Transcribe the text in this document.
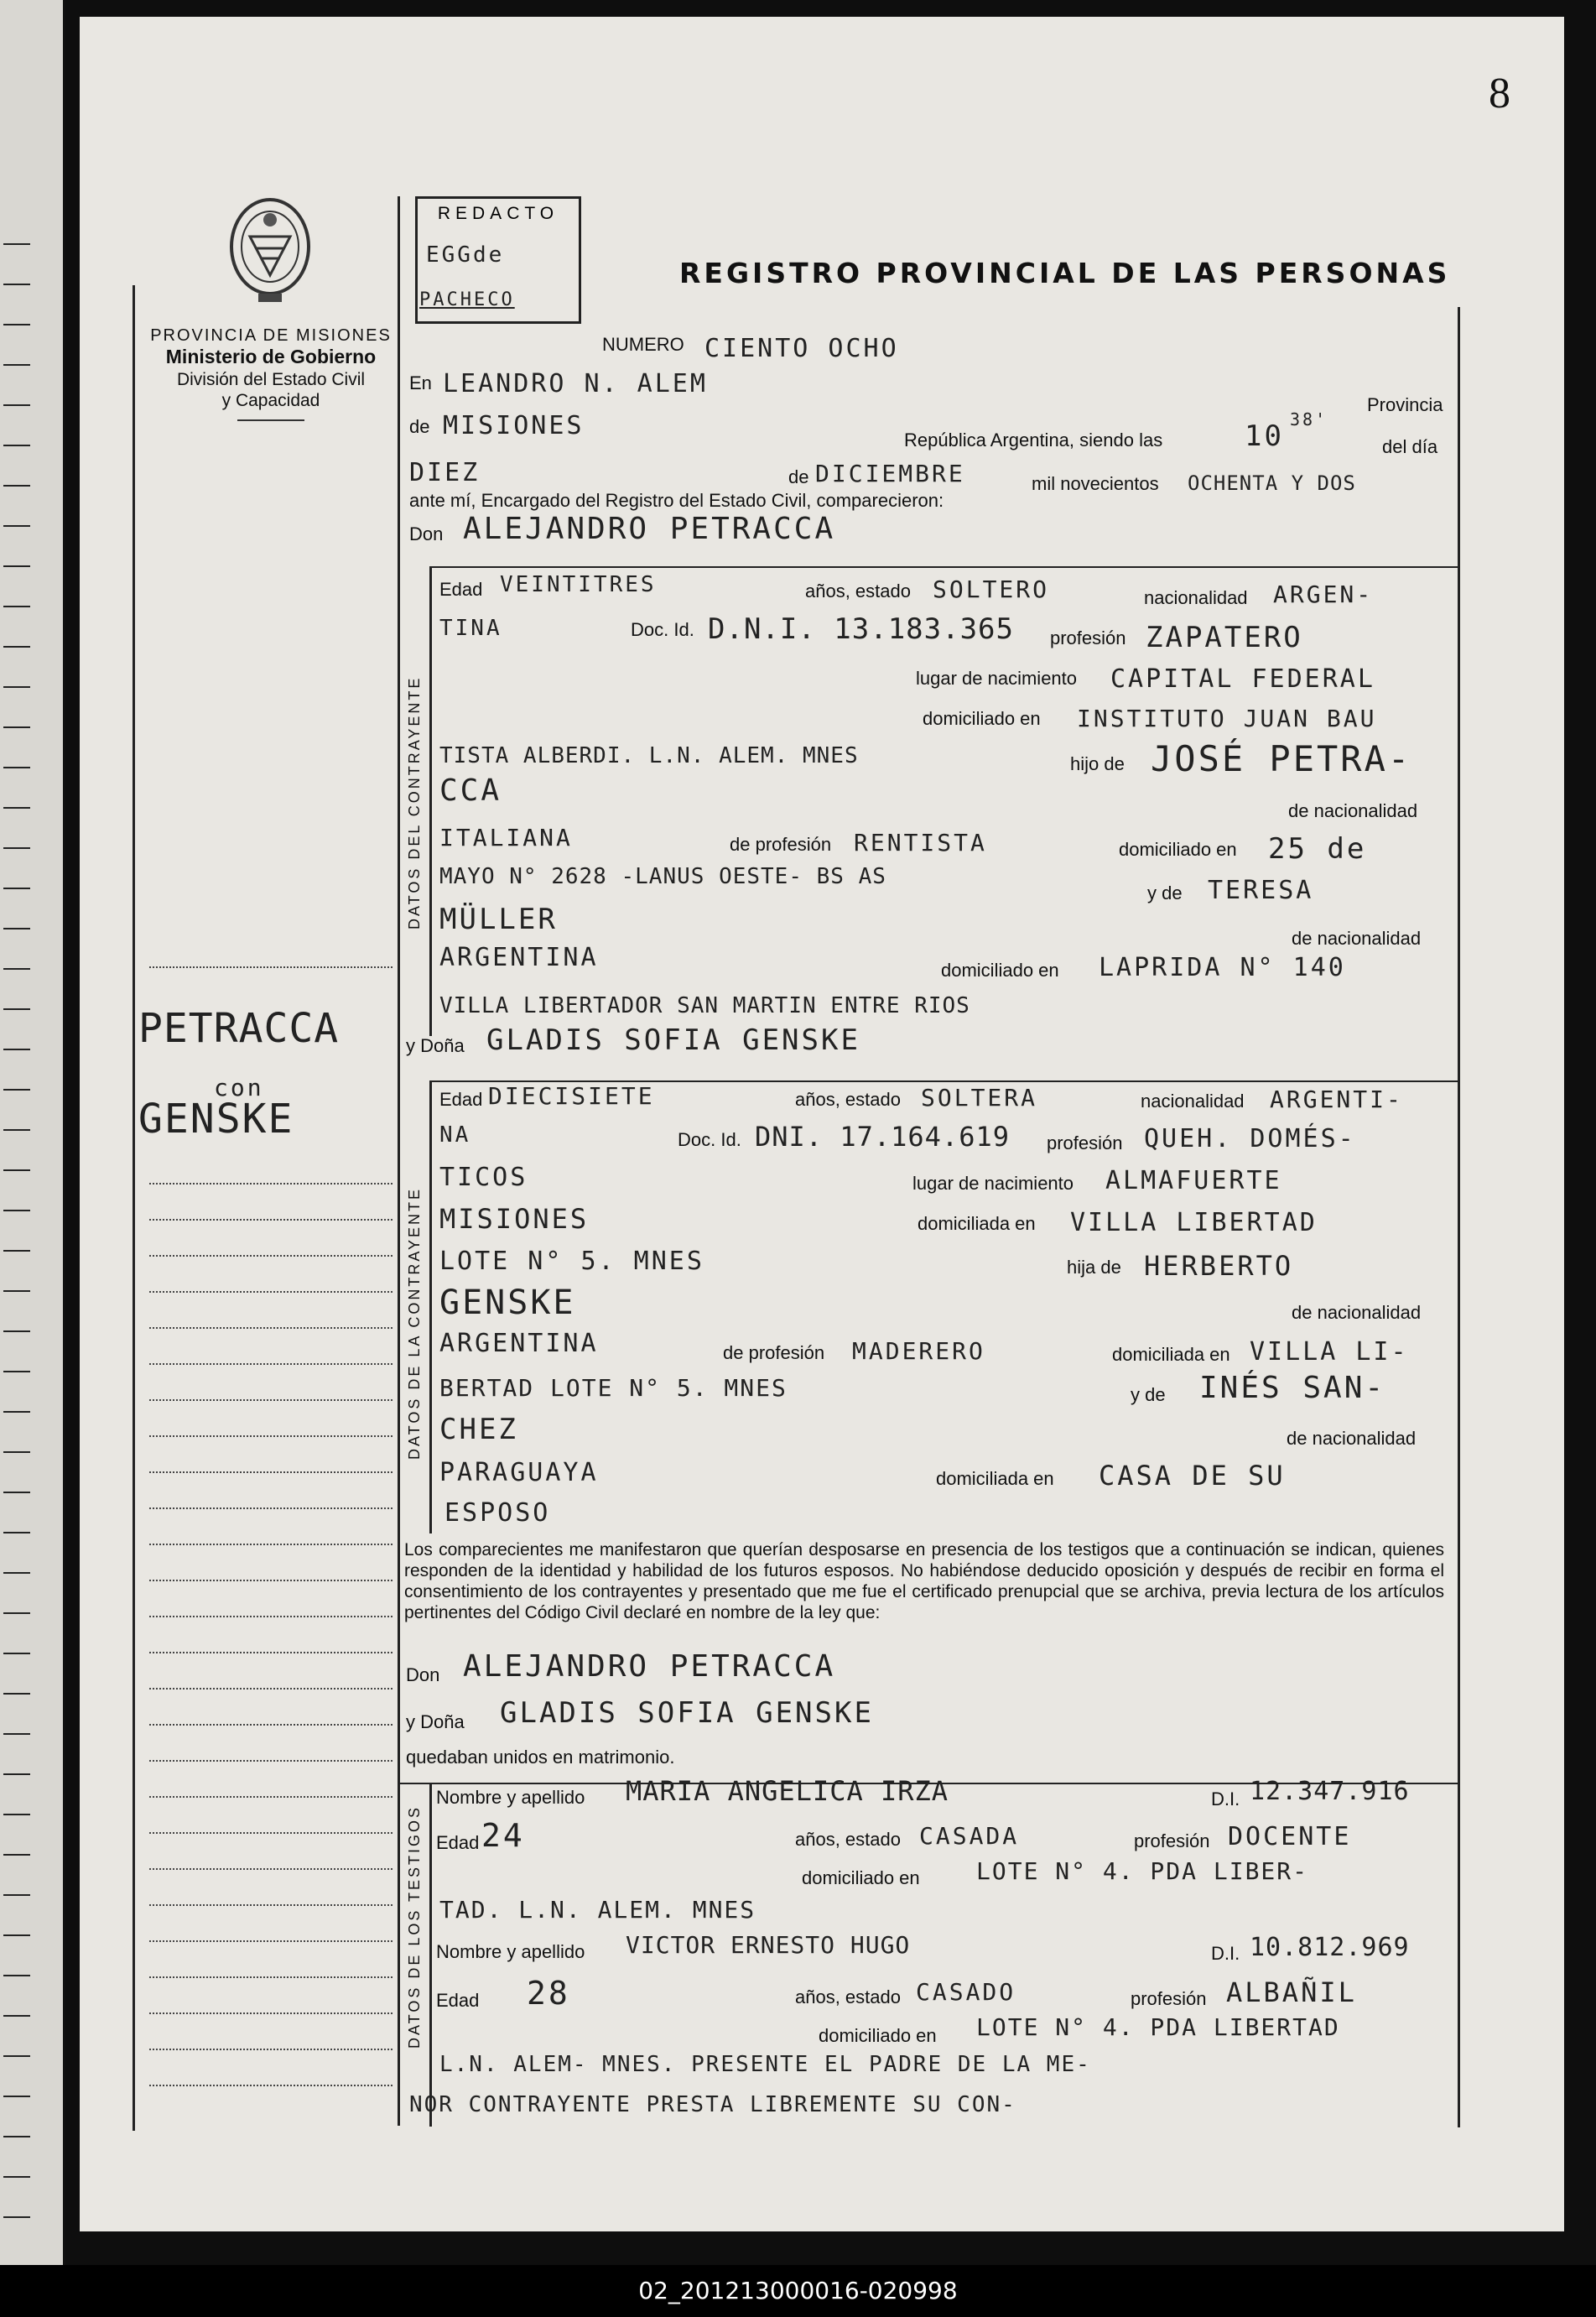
8
PROVINCIA DE MISIONES
Ministerio de Gobierno
División del Estado Civil
y Capacidad
REDACTO
EGGde
PACHECO
REGISTRO PROVINCIAL DE LAS PERSONAS
PETRACCA
con
GENSKE
DATOS DEL CONTRAYENTE
DATOS DE LA CONTRAYENTE
DATOS DE LOS TESTIGOS
NUMERO CIENTO OCHO
En LEANDRO N. ALEM
Provincia
de MISIONES	República Argentina, siendo las	10 38'
del día
DIEZ	de DICIEMBRE	mil novecientos OCHENTA Y DOS
ante mí, Encargado del Registro del Estado Civil, comparecieron:
Don ALEJANDRO PETRACCA
Edad VEINTITRES	años, estado SOLTERO	nacionalidad ARGEN-
TINA	Doc. Id. D.N.I. 13.183.365 profesión ZAPATERO
lugar de nacimiento CAPITAL FEDERAL
domiciliado en INSTITUTO JUAN BAU
TISTA ALBERDI. L.N. ALEM. MNES	hijo de JOSÉ PETRA-
CCA
de nacionalidad
ITALIANA	de profesión RENTISTA	domiciliado en 25 de
MAYO N° 2628 -LANUS OESTE- BS AS
y de TERESA
MÜLLER
de nacionalidad
ARGENTINA	domiciliado en LAPRIDA N° 140
VILLA LIBERTADOR SAN MARTIN ENTRE RIOS
y Doña GLADIS SOFIA GENSKE
Edad DIECISIETE	años, estado SOLTERA	nacionalidad ARGENTI-
NA	Doc. Id. DNI. 17.164.619 profesión QUEH. DOMÉS-
TICOS	lugar de nacimiento ALMAFUERTE
MISIONES	domiciliada en VILLA LIBERTAD
LOTE N° 5. MNES	hija de HERBERTO
GENSKE	de nacionalidad
ARGENTINA	de profesión MADERERO	domiciliada en VILLA LI-
BERTAD LOTE N° 5. MNES	y de INÉS SAN-
CHEZ	de nacionalidad
PARAGUAYA	domiciliada en CASA DE SU
ESPOSO
Los comparecientes me manifestaron que querían desposarse en presencia de los testigos que a continuación se indican, quienes responden de la identidad y habilidad de los futuros esposos. No habiéndose deducido oposición y después de recibir en forma el consentimiento de los contrayentes y presentado que me fue el certificado prenupcial que se archiva, previa lectura de los artículos pertinentes del Código Civil declaré en nombre de la ley que:
Don ALEJANDRO PETRACCA
y Doña GLADIS SOFIA GENSKE
quedaban unidos en matrimonio.
Nombre y apellido MARIA ANGELICA IRZA	D.I. 12.347.916
Edad 24	años, estado CASADA	profesión DOCENTE
domiciliado en LOTE N° 4. PDA LIBER-
TAD. L.N. ALEM. MNES
Nombre y apellido VICTOR ERNESTO HUGO	D.I. 10.812.969
Edad 28	años, estado CASADO	profesión ALBAÑIL
domiciliado en LOTE N° 4. PDA LIBERTAD
L.N. ALEM- MNES. PRESENTE EL PADRE DE LA ME-
NOR CONTRAYENTE PRESTA LIBREMENTE SU CON-
02_201213000016-020998
